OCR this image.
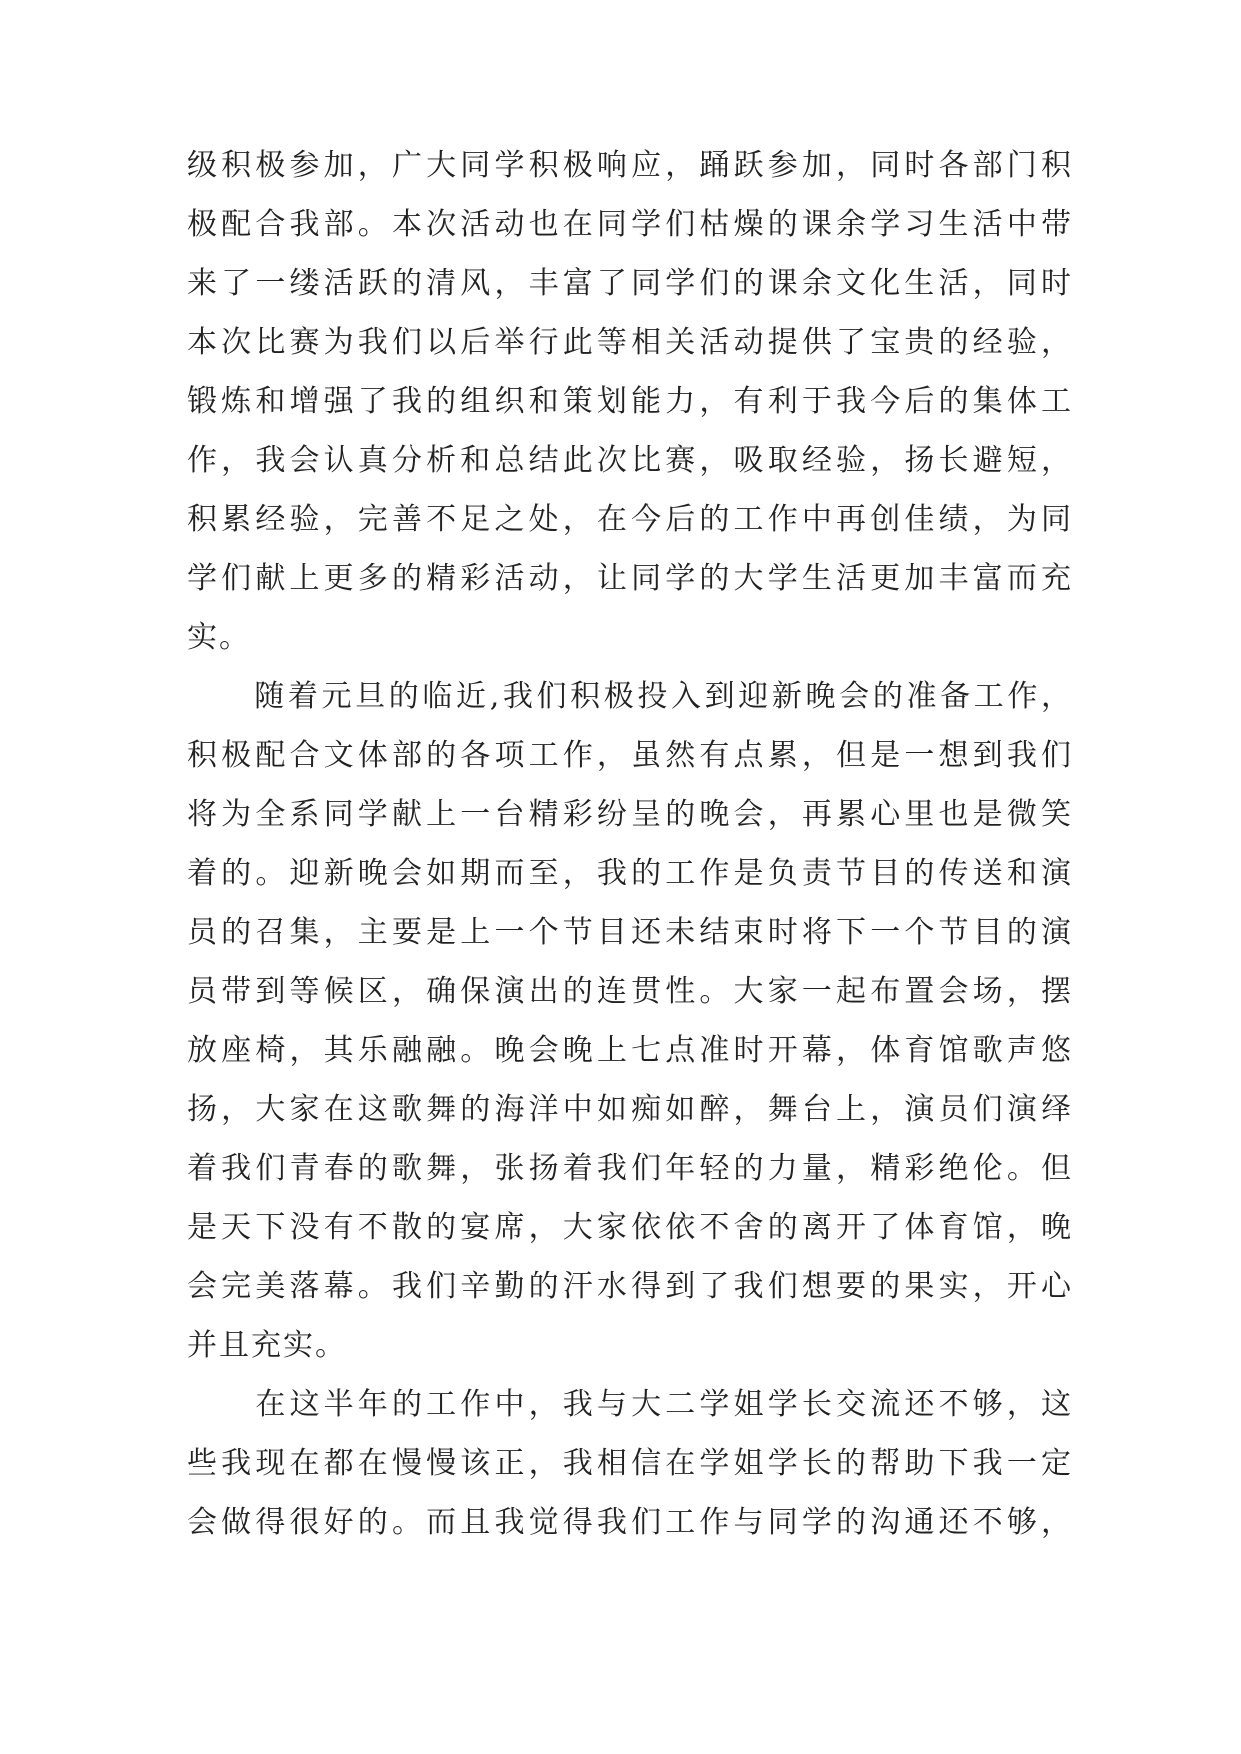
级积极参加，广大同学积极响应，踊跃参加，同时各部门积
极配合我部。本次活动也在同学们枯燥的课余学习生活中带
来了一缕活跃的清风，丰富了同学们的课余文化生活，同时
本次比赛为我们以后举行此等相关活动提供了宝贵的经验，
锻炼和增强了我的组织和策划能力，有利于我今后的集体工
作，我会认真分析和总结此次比赛，吸取经验，扬长避短，
积累经验，完善不足之处，在今后的工作中再创佳绩，为同
学们献上更多的精彩活动，让同学的大学生活更加丰富而充
实。
　　随着元旦的临近,我们积极投入到迎新晚会的准备工作，
积极配合文体部的各项工作，虽然有点累，但是一想到我们
将为全系同学献上一台精彩纷呈的晚会，再累心里也是微笑
着的。迎新晚会如期而至，我的工作是负责节目的传送和演
员的召集，主要是上一个节目还未结束时将下一个节目的演
员带到等候区，确保演出的连贯性。大家一起布置会场，摆
放座椅，其乐融融。晚会晚上七点准时开幕，体育馆歌声悠
扬，大家在这歌舞的海洋中如痴如醉，舞台上，演员们演绎
着我们青春的歌舞，张扬着我们年轻的力量，精彩绝伦。但
是天下没有不散的宴席，大家依依不舍的离开了体育馆，晚
会完美落幕。我们辛勤的汗水得到了我们想要的果实，开心
并且充实。
　　在这半年的工作中，我与大二学姐学长交流还不够，这
些我现在都在慢慢该正，我相信在学姐学长的帮助下我一定
会做得很好的。而且我觉得我们工作与同学的沟通还不够，
